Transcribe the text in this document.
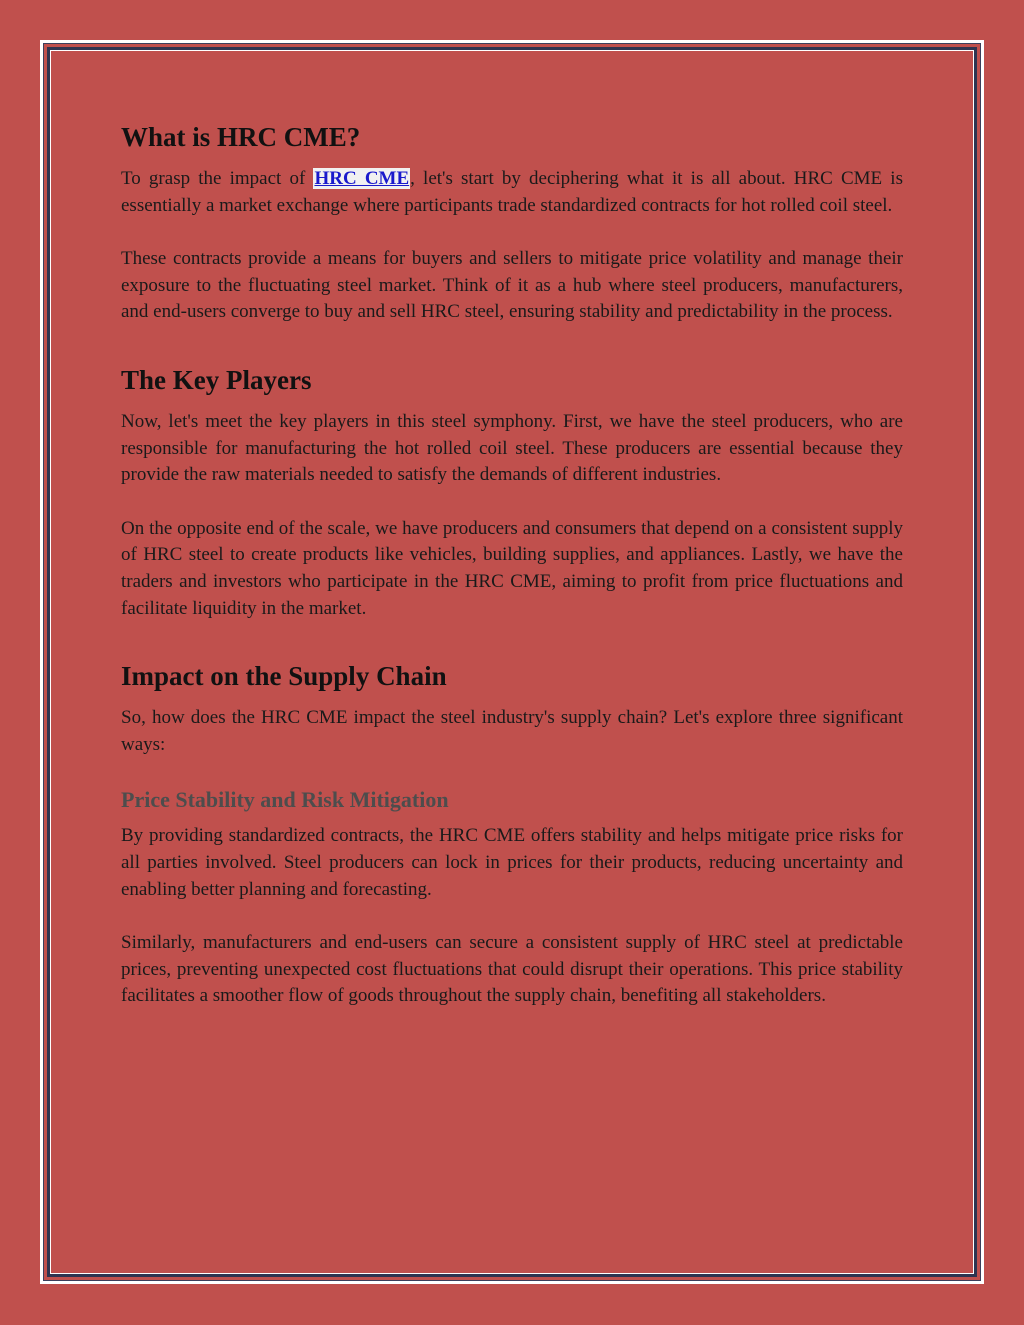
What is HRC CME?

To grasp the impact of HRC CME, let's start by deciphering what it is all about. HRC CME is essentially a market exchange where participants trade standardized contracts for hot rolled coil steel.

These contracts provide a means for buyers and sellers to mitigate price volatility and manage their exposure to the fluctuating steel market. Think of it as a hub where steel producers, manufacturers, and end-users converge to buy and sell HRC steel, ensuring stability and predictability in the process.

The Key Players

Now, let's meet the key players in this steel symphony. First, we have the steel producers, who are responsible for manufacturing the hot rolled coil steel. These producers are essential because they provide the raw materials needed to satisfy the demands of different industries.

On the opposite end of the scale, we have producers and consumers that depend on a consistent supply of HRC steel to create products like vehicles, building supplies, and appliances. Lastly, we have the traders and investors who participate in the HRC CME, aiming to profit from price fluctuations and facilitate liquidity in the market.

Impact on the Supply Chain

So, how does the HRC CME impact the steel industry's supply chain? Let's explore three significant ways:

Price Stability and Risk Mitigation

By providing standardized contracts, the HRC CME offers stability and helps mitigate price risks for all parties involved. Steel producers can lock in prices for their products, reducing uncertainty and enabling better planning and forecasting.

Similarly, manufacturers and end-users can secure a consistent supply of HRC steel at predictable prices, preventing unexpected cost fluctuations that could disrupt their operations. This price stability facilitates a smoother flow of goods throughout the supply chain, benefiting all stakeholders.
